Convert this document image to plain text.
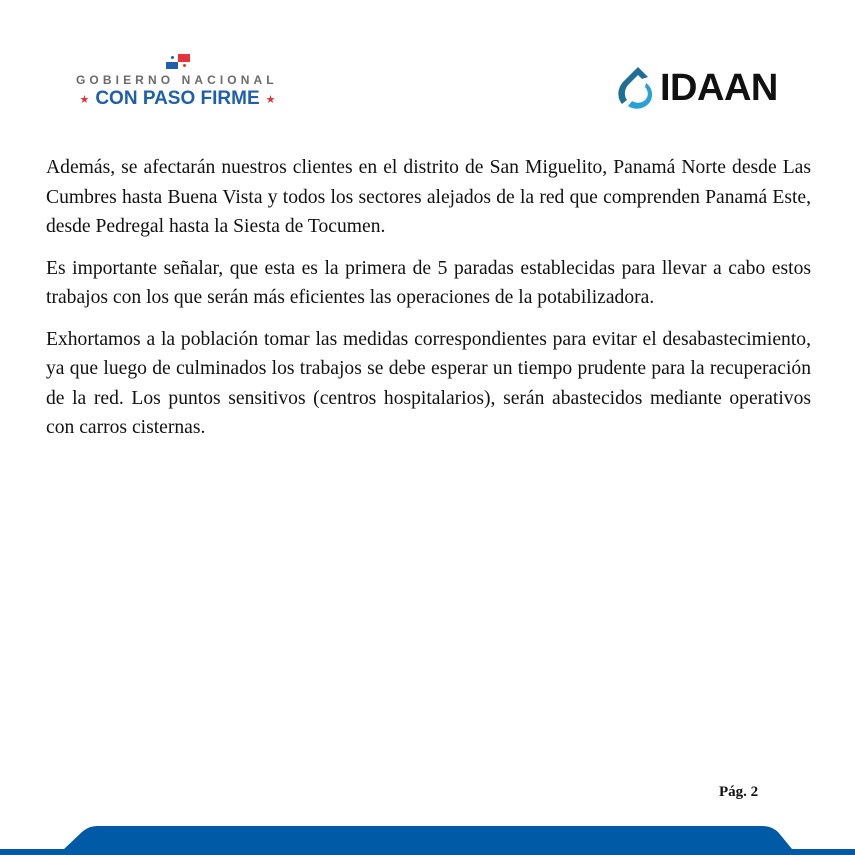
GOBIERNO NACIONAL
★ CON PASO FIRME ★	IDAAN

Además, se afectarán nuestros clientes en el distrito de San Miguelito, Panamá Norte desde Las Cumbres hasta Buena Vista y todos los sectores alejados de la red que comprenden Panamá Este, desde Pedregal hasta la Siesta de Tocumen.

Es importante señalar, que esta es la primera de 5 paradas establecidas para llevar a cabo estos trabajos con los que serán más eficientes las operaciones de la potabilizadora.

Exhortamos a la población tomar las medidas correspondientes para evitar el desabastecimiento, ya que luego de culminados los trabajos se debe esperar un tiempo prudente para la recuperación de la red. Los puntos sensitivos (centros hospitalarios), serán abastecidos mediante operativos con carros cisternas.

Pág. 2
